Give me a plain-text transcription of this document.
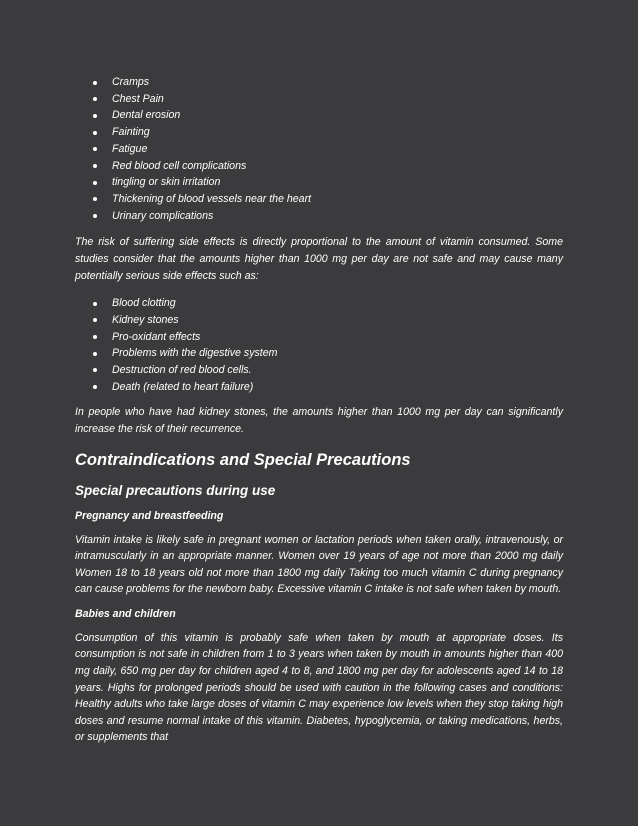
Cramps
Chest Pain
Dental erosion
Fainting
Fatigue
Red blood cell complications
tingling or skin irritation
Thickening of blood vessels near the heart
Urinary complications

The risk of suffering side effects is directly proportional to the amount of vitamin consumed. Some studies consider that the amounts higher than 1000 mg per day are not safe and may cause many potentially serious side effects such as:

Blood clotting
Kidney stones
Pro-oxidant effects
Problems with the digestive system
Destruction of red blood cells.
Death (related to heart failure)

In people who have had kidney stones, the amounts higher than 1000 mg per day can significantly increase the risk of their recurrence.

Contraindications and Special Precautions
Special precautions during use
Pregnancy and breastfeeding

Vitamin intake is likely safe in pregnant women or lactation periods when taken orally, intravenously, or intramuscularly in an appropriate manner. Women over 19 years of age not more than 2000 mg daily Women 18 to 18 years old not more than 1800 mg daily Taking too much vitamin C during pregnancy can cause problems for the newborn baby. Excessive vitamin C intake is not safe when taken by mouth.

Babies and children

Consumption of this vitamin is probably safe when taken by mouth at appropriate doses. Its consumption is not safe in children from 1 to 3 years when taken by mouth in amounts higher than 400 mg daily, 650 mg per day for children aged 4 to 8, and 1800 mg per day for adolescents aged 14 to 18 years. Highs for prolonged periods should be used with caution in the following cases and conditions: Healthy adults who take large doses of vitamin C may experience low levels when they stop taking high doses and resume normal intake of this vitamin. Diabetes, hypoglycemia, or taking medications, herbs, or supplements that
